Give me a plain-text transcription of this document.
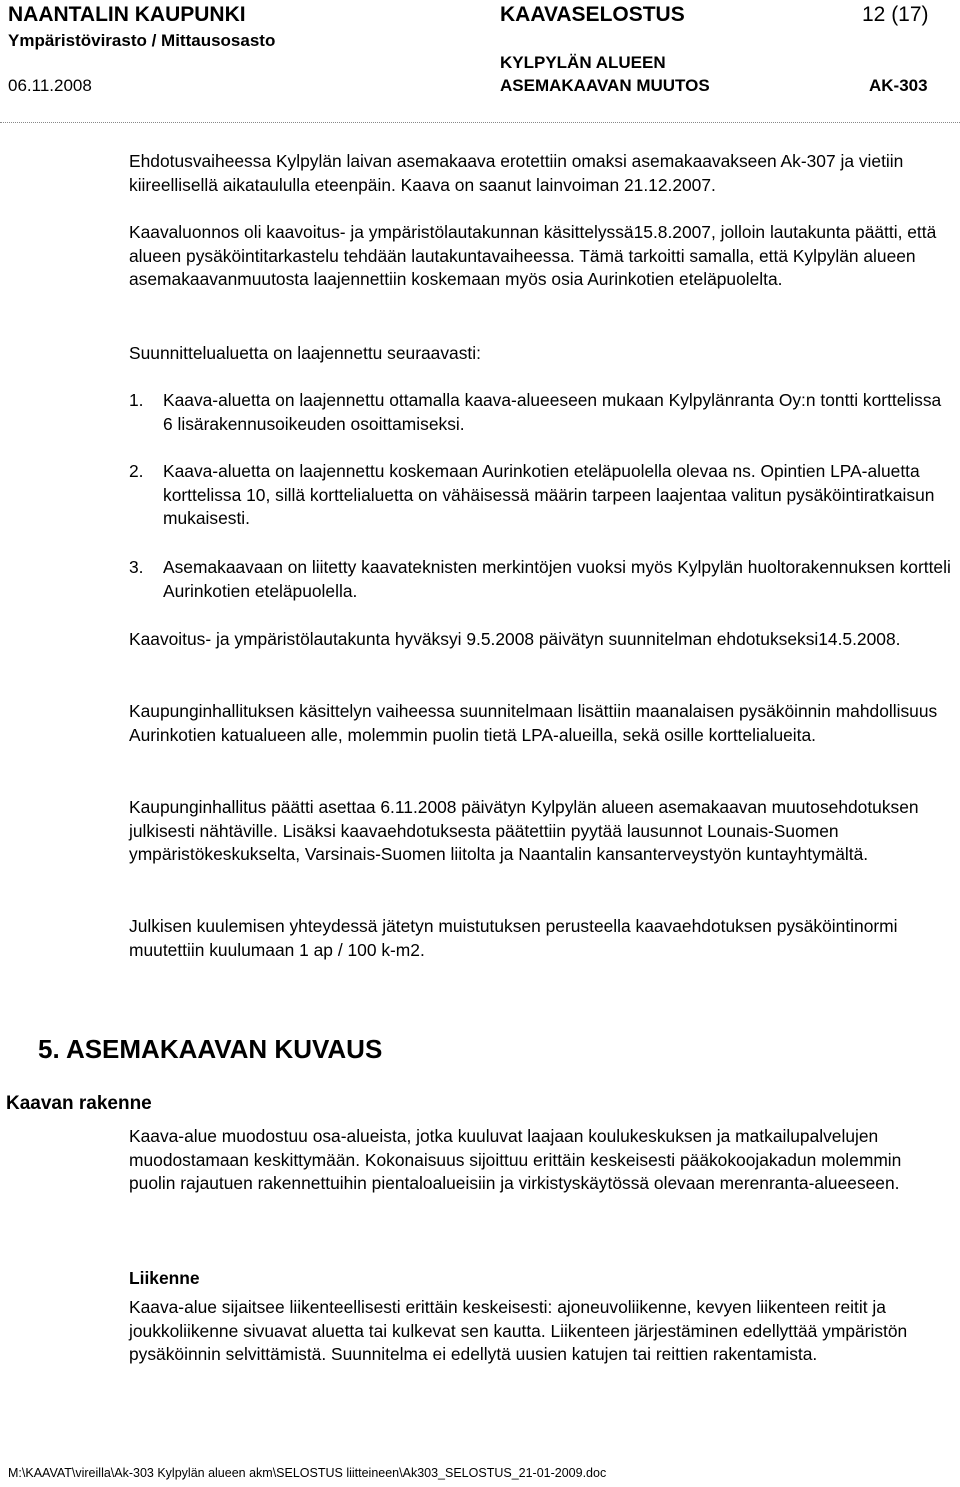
NAANTALIN KAUPUNKI
Ympäristövirasto / Mittausosasto
06.11.2008
KAAVASELOSTUS
KYLPYLÄN ALUEEN
ASEMAKAAVAN MUUTOS
12 (17)
AK-303

Ehdotusvaiheessa Kylpylän laivan asemakaava erotettiin omaksi asemakaavakseen Ak-307 ja vietiin kiireellisellä aikataululla eteenpäin. Kaava on saanut lainvoiman 21.12.2007.

Kaavaluonnos oli kaavoitus- ja ympäristölautakunnan käsittelyssä15.8.2007, jolloin lautakunta päätti, että alueen pysäköintitarkastelu tehdään lautakuntavaiheessa. Tämä tarkoitti samalla, että Kylpylän alueen asemakaavanmuutosta laajennettiin koskemaan myös osia Aurinkotien eteläpuolelta.

Suunnittelualuetta on laajennettu seuraavasti:

1. Kaava-aluetta on laajennettu ottamalla kaava-alueeseen mukaan Kylpylänranta Oy:n tontti korttelissa 6 lisärakennusoikeuden osoittamiseksi.

2. Kaava-aluetta on laajennettu koskemaan Aurinkotien eteläpuolella olevaa ns. Opintien LPA-aluetta korttelissa 10, sillä korttelialuetta on vähäisessä määrin tarpeen laajentaa valitun pysäköintiratkaisun mukaisesti.

3. Asemakaavaan on liitetty kaavateknisten merkintöjen vuoksi myös Kylpylän huoltorakennuksen kortteli Aurinkotien eteläpuolella.

Kaavoitus- ja ympäristölautakunta hyväksyi 9.5.2008 päivätyn suunnitelman ehdotukseksi14.5.2008.

Kaupunginhallituksen käsittelyn vaiheessa suunnitelmaan lisättiin maanalaisen pysäköinnin mahdollisuus Aurinkotien katualueen alle, molemmin puolin tietä LPA-alueilla, sekä osille korttelialueita.

Kaupunginhallitus päätti asettaa 6.11.2008 päivätyn Kylpylän alueen asemakaavan muutosehdotuksen julkisesti nähtäville. Lisäksi kaavaehdotuksesta päätettiin pyytää lausunnot Lounais-Suomen ympäristökeskukselta, Varsinais-Suomen liitolta ja Naantalin kansanterveystyön kuntayhtymältä.

Julkisen kuulemisen yhteydessä jätetyn muistutuksen perusteella kaavaehdotuksen pysäköintinormi muutettiin kuulumaan 1 ap / 100 k-m2.

5. ASEMAKAAVAN KUVAUS
Kaavan rakenne

Kaava-alue muodostuu osa-alueista, jotka kuuluvat laajaan koulukeskuksen ja matkailupalvelujen muodostamaan keskittymään. Kokonaisuus sijoittuu erittäin keskeisesti pääkokoojakadun molemmin puolin rajautuen rakennettuihin pientaloalueisiin ja virkistyskäytössä olevaan merenranta-alueeseen.

Liikenne

Kaava-alue sijaitsee liikenteellisesti erittäin keskeisesti: ajoneuvoliikenne, kevyen liikenteen reitit ja joukkoliikenne sivuavat aluetta tai kulkevat sen kautta. Liikenteen järjestäminen edellyttää ympäristön pysäköinnin selvittämistä. Suunnitelma ei edellytä uusien katujen tai reittien rakentamista.

M:\KAAVAT\vireilla\Ak-303 Kylpylän alueen akm\SELOSTUS liitteineen\Ak303_SELOSTUS_21-01-2009.doc
